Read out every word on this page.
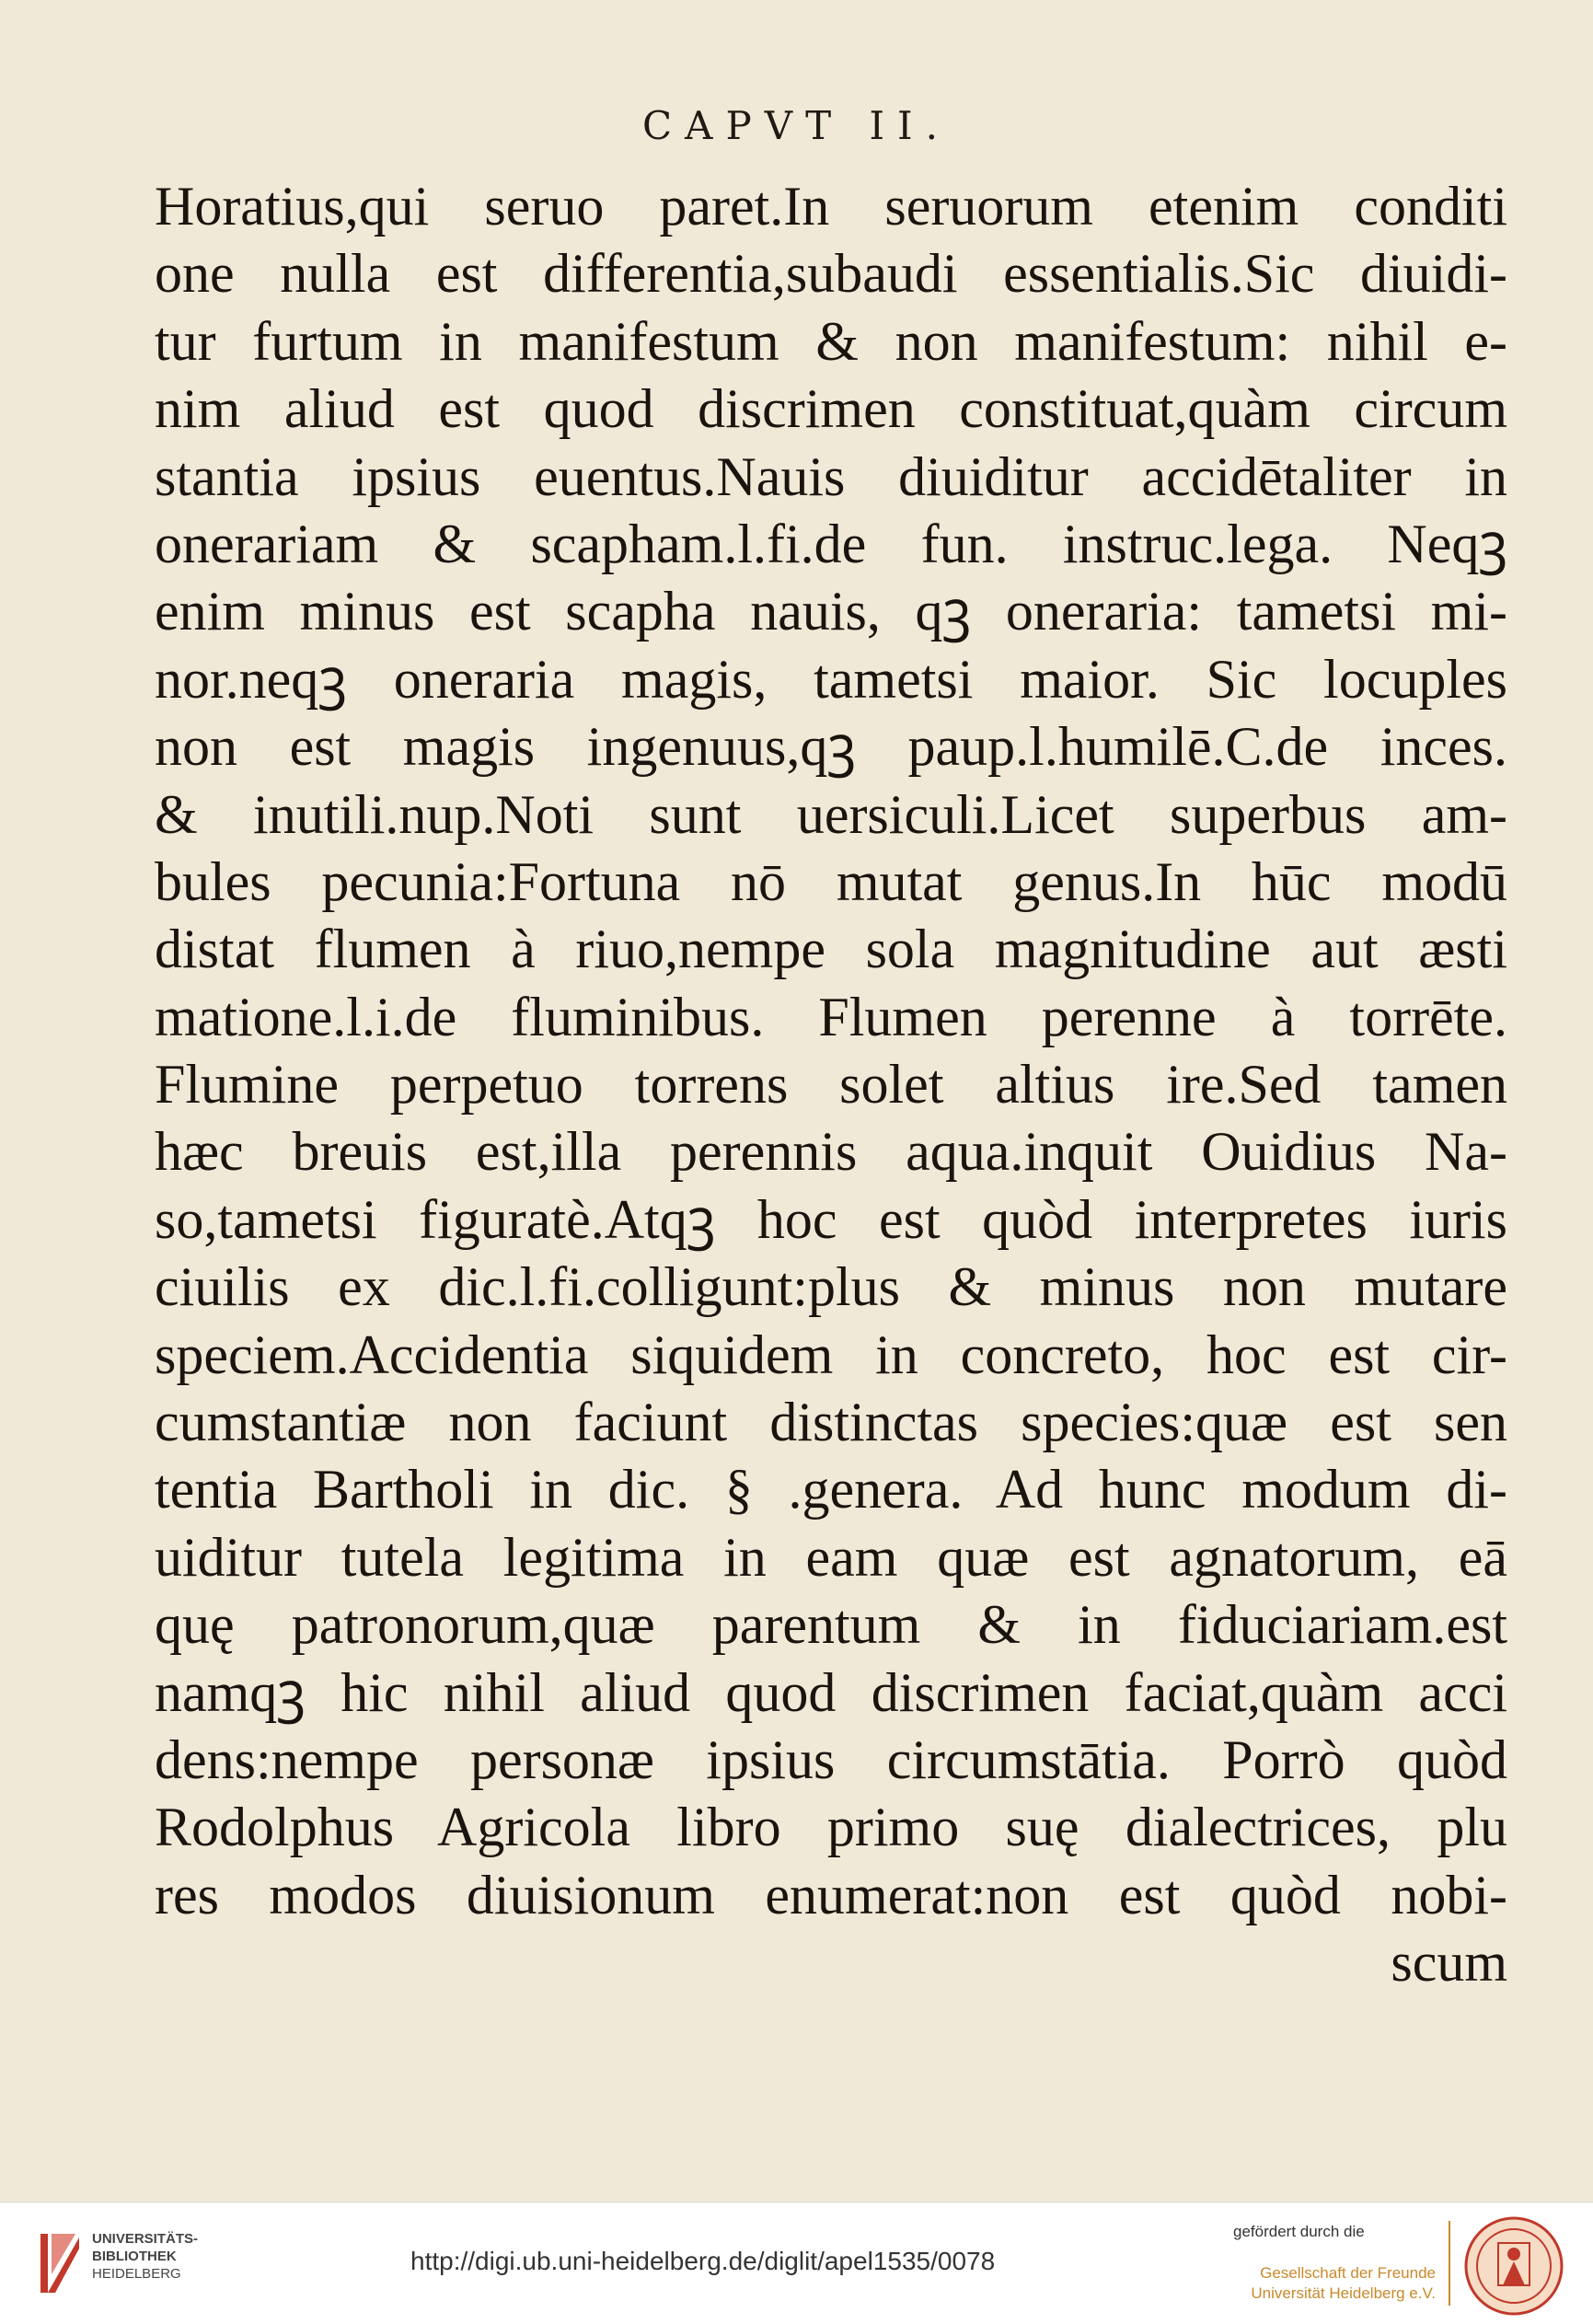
CAPVT II.
Horatius,qui seruo paret.In seruorum etenim conditi
one nulla est differentia,subaudi essentialis.Sic diuidi-
tur furtum in manifestum & non manifestum: nihil e-
nim aliud est quod discrimen constituat,quàm circum
stantia ipsius euentus.Nauis diuiditur accidētaliter in
onerariam & scapham.l.fi.de fun. instruc.lega. Neqꝫ
enim minus est scapha nauis, qꝫ oneraria: tametsi mi-
nor.neqꝫ oneraria magis, tametsi maior. Sic locuples
non est magis ingenuus,qꝫ paup.l.humilē.C.de inces.
& inutili.nup.Noti sunt uersiculi.Licet superbus am-
bules pecunia:Fortuna nō mutat genus.In hūc modū
distat flumen à riuo,nempe sola magnitudine aut æsti
matione.l.i.de fluminibus. Flumen perenne à torrēte.
Flumine perpetuo torrens solet altius ire.Sed tamen
hæc breuis est,illa perennis aqua.inquit Ouidius Na-
so,tametsi figuratè.Atqꝫ hoc est quòd interpretes iuris
ciuilis ex dic.l.fi.colligunt:plus & minus non mutare
speciem.Accidentia siquidem in concreto, hoc est cir-
cumstantiæ non faciunt distinctas species:quæ est sen
tentia Bartholi in dic. § .genera. Ad hunc modum di-
uiditur tutela legitima in eam quæ est agnatorum, eā
quę patronorum,quæ parentum & in fiduciariam.est
namqꝫ hic nihil aliud quod discrimen faciat,quàm acci
dens:nempe personæ ipsius circumstātia. Porrò quòd
Rodolphus Agricola libro primo suę dialectrices, plu
res modos diuisionum enumerat:non est quòd nobi-
scum
UNIVERSITÄTS-
BIBLIOTHEK
HEIDELBERG	http://digi.ub.uni-heidelberg.de/diglit/apel1535/0078
gefördert durch die
Gesellschaft der Freunde
Universität Heidelberg e.V.
